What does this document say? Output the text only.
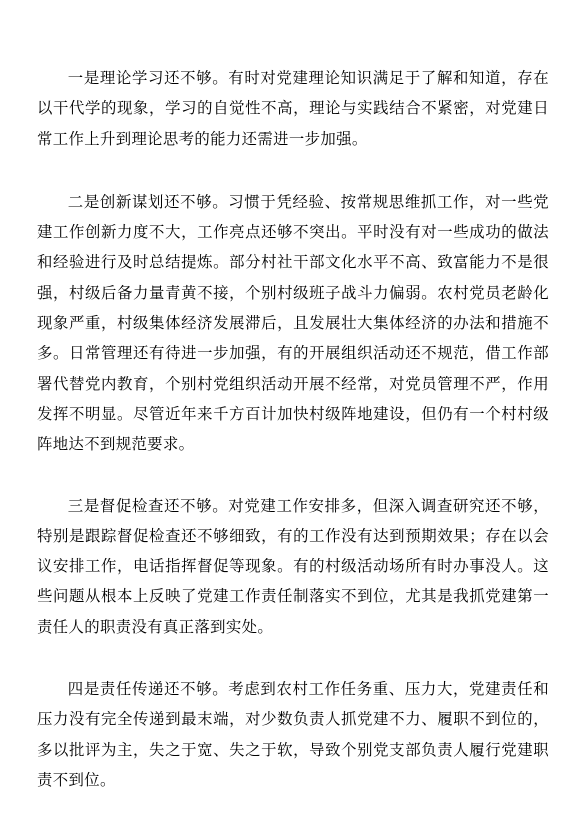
一是理论学习还不够。有时对党建理论知识满足于了解和知道，存在以干代学的现象，学习的自觉性不高，理论与实践结合不紧密，对党建日常工作上升到理论思考的能力还需进一步加强。

二是创新谋划还不够。习惯于凭经验、按常规思维抓工作，对一些党建工作创新力度不大，工作亮点还够不突出。平时没有对一些成功的做法和经验进行及时总结提炼。部分村社干部文化水平不高、致富能力不是很强，村级后备力量青黄不接，个别村级班子战斗力偏弱。农村党员老龄化现象严重，村级集体经济发展滞后，且发展壮大集体经济的办法和措施不多。日常管理还有待进一步加强，有的开展组织活动还不规范，借工作部署代替党内教育，个别村党组织活动开展不经常，对党员管理不严，作用发挥不明显。尽管近年来千方百计加快村级阵地建设，但仍有一个村村级阵地达不到规范要求。

三是督促检查还不够。对党建工作安排多，但深入调查研究还不够，特别是跟踪督促检查还不够细致，有的工作没有达到预期效果；存在以会议安排工作，电话指挥督促等现象。有的村级活动场所有时办事没人。这些问题从根本上反映了党建工作责任制落实不到位，尤其是我抓党建第一责任人的职责没有真正落到实处。

四是责任传递还不够。考虑到农村工作任务重、压力大，党建责任和压力没有完全传递到最末端，对少数负责人抓党建不力、履职不到位的，多以批评为主，失之于宽、失之于软，导致个别党支部负责人履行党建职责不到位。
